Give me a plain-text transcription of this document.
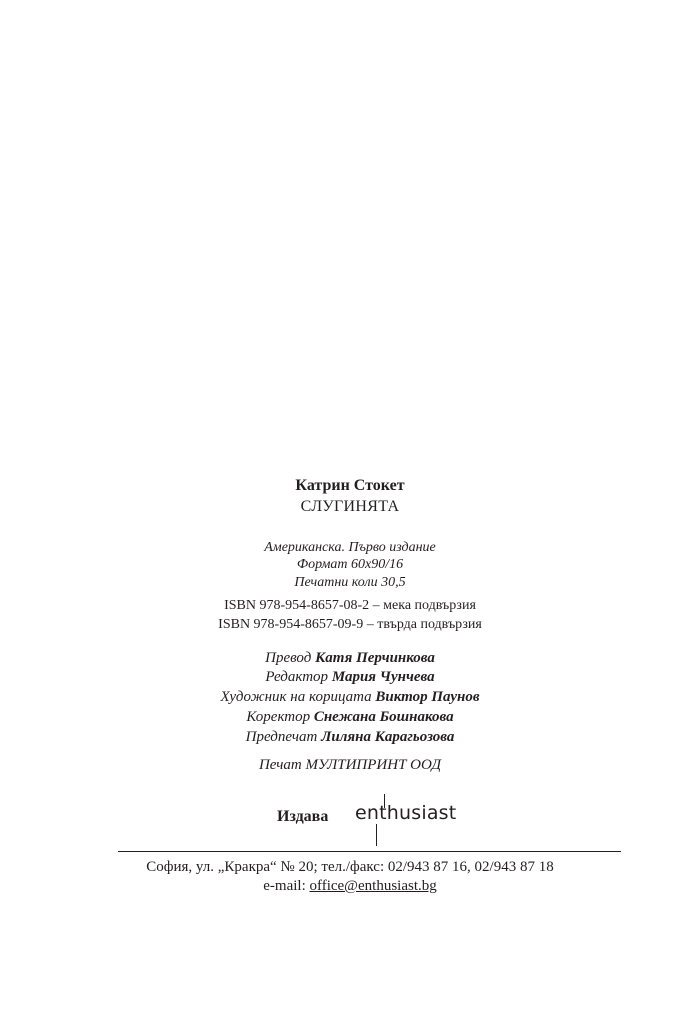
Катрин Стокет
СЛУГИНЯТА
Американска. Първо издание
Формат 60x90/16
Печатни коли 30,5
ISBN 978-954-8657-08-2 – мека подвързия
ISBN 978-954-8657-09-9 – твърда подвързия
Превод Катя Перчинкова
Редактор Мария Чунчева
Художник на корицата Виктор Паунов
Коректор Снежана Бошнакова
Предпечат Лиляна Карагьозова
Печат МУЛТИПРИНТ ООД
Издава enthusiast
София, ул. „Кракра“ № 20; тел./факс: 02/943 87 16, 02/943 87 18
e-mail: office@enthusiast.bg
